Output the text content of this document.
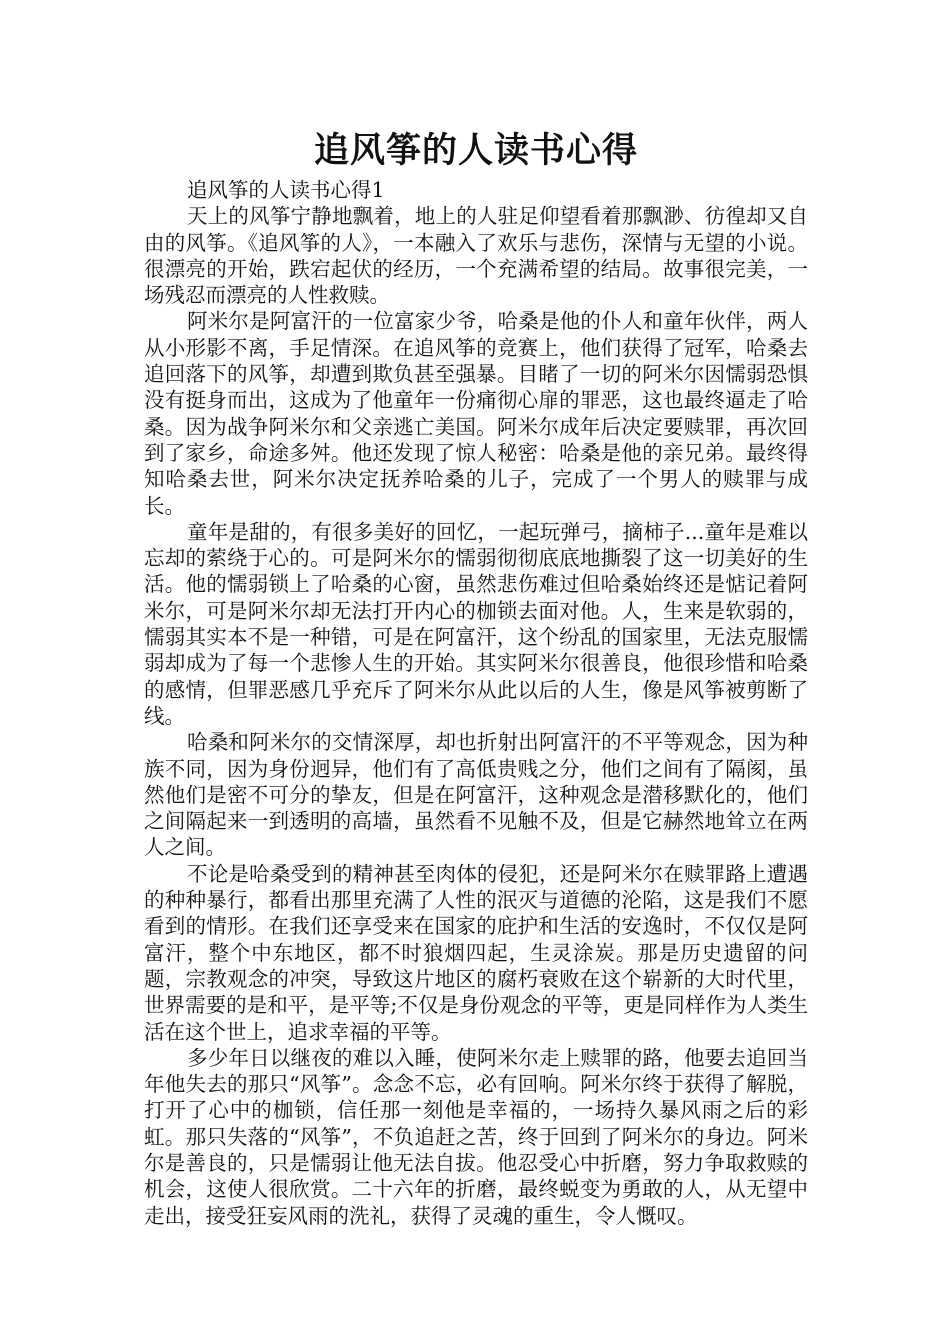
追风筝的人读书心得

追风筝的人读书心得1

天上的风筝宁静地飘着，地上的人驻足仰望看着那飘渺、彷徨却又自由的风筝。《追风筝的人》，一本融入了欢乐与悲伤，深情与无望的小说。很漂亮的开始，跌宕起伏的经历，一个充满希望的结局。故事很完美，一场残忍而漂亮的人性救赎。

阿米尔是阿富汗的一位富家少爷，哈桑是他的仆人和童年伙伴，两人从小形影不离，手足情深。在追风筝的竞赛上，他们获得了冠军，哈桑去追回落下的风筝，却遭到欺负甚至强暴。目睹了一切的阿米尔因懦弱恐惧没有挺身而出，这成为了他童年一份痛彻心扉的罪恶，这也最终逼走了哈桑。因为战争阿米尔和父亲逃亡美国。阿米尔成年后决定要赎罪，再次回到了家乡，命途多舛。他还发现了惊人秘密：哈桑是他的亲兄弟。最终得知哈桑去世，阿米尔决定抚养哈桑的儿子，完成了一个男人的赎罪与成长。

童年是甜的，有很多美好的回忆，一起玩弹弓，摘柿子...童年是难以忘却的萦绕于心的。可是阿米尔的懦弱彻彻底底地撕裂了这一切美好的生活。他的懦弱锁上了哈桑的心窗，虽然悲伤难过但哈桑始终还是惦记着阿米尔，可是阿米尔却无法打开内心的枷锁去面对他。人，生来是软弱的，懦弱其实本不是一种错，可是在阿富汗，这个纷乱的国家里，无法克服懦弱却成为了每一个悲惨人生的开始。其实阿米尔很善良，他很珍惜和哈桑的感情，但罪恶感几乎充斥了阿米尔从此以后的人生，像是风筝被剪断了线。

哈桑和阿米尔的交情深厚，却也折射出阿富汗的不平等观念，因为种族不同，因为身份迥异，他们有了高低贵贱之分，他们之间有了隔阂，虽然他们是密不可分的挚友，但是在阿富汗，这种观念是潜移默化的，他们之间隔起来一到透明的高墙，虽然看不见触不及，但是它赫然地耸立在两人之间。

不论是哈桑受到的精神甚至肉体的侵犯，还是阿米尔在赎罪路上遭遇的种种暴行，都看出那里充满了人性的泯灭与道德的沦陷，这是我们不愿看到的情形。在我们还享受来在国家的庇护和生活的安逸时，不仅仅是阿富汗，整个中东地区，都不时狼烟四起，生灵涂炭。那是历史遗留的问题，宗教观念的冲突，导致这片地区的腐朽衰败在这个崭新的大时代里，世界需要的是和平，是平等;不仅是身份观念的平等，更是同样作为人类生活在这个世上，追求幸福的平等。

多少年日以继夜的难以入睡，使阿米尔走上赎罪的路，他要去追回当年他失去的那只“风筝”。念念不忘，必有回响。阿米尔终于获得了解脱，打开了心中的枷锁，信任那一刻他是幸福的，一场持久暴风雨之后的彩虹。那只失落的“风筝”，不负追赶之苦，终于回到了阿米尔的身边。阿米尔是善良的，只是懦弱让他无法自拔。他忍受心中折磨，努力争取救赎的机会，这使人很欣赏。二十六年的折磨，最终蜕变为勇敢的人，从无望中走出，接受狂妄风雨的洗礼，获得了灵魂的重生，令人慨叹。
